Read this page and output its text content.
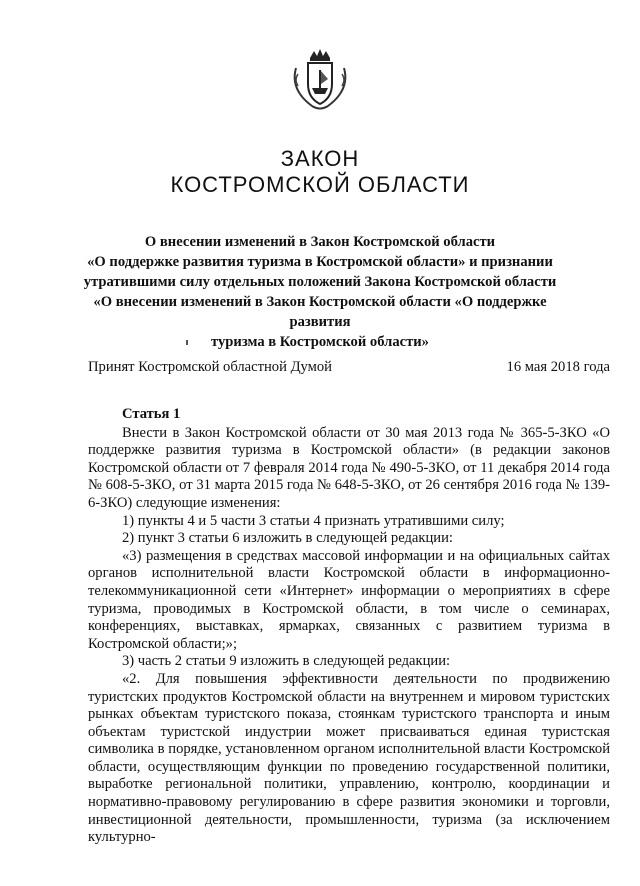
ЗАКОН
КОСТРОМСКОЙ ОБЛАСТИ
О внесении изменений в Закон Костромской области
«О поддержке развития туризма в Костромской области» и признании
утратившими силу отдельных положений Закона Костромской области
«О внесении изменений в Закон Костромской области «О поддержке развития
туризма в Костромской области»
Принят Костромской областной Думой	16 мая 2018 года

Статья 1

Внести в Закон Костромской области от 30 мая 2013 года № 365-5-ЗКО «О поддержке развития туризма в Костромской области» (в редакции законов Костромской области от 7 февраля 2014 года № 490-5-ЗКО, от 11 декабря 2014 года № 608-5-ЗКО, от 31 марта 2015 года № 648-5-ЗКО, от 26 сентября 2016 года № 139-6-ЗКО) следующие изменения:

1) пункты 4 и 5 части 3 статьи 4 признать утратившими силу;

2) пункт 3 статьи 6 изложить в следующей редакции:

«3) размещения в средствах массовой информации и на официальных сайтах органов исполнительной власти Костромской области в информационно-телекоммуникационной сети «Интернет» информации о мероприятиях в сфере туризма, проводимых в Костромской области, в том числе о семинарах, конференциях, выставках, ярмарках, связанных с развитием туризма в Костромской области;»;

3) часть 2 статьи 9 изложить в следующей редакции:

«2. Для повышения эффективности деятельности по продвижению туристских продуктов Костромской области на внутреннем и мировом туристских рынках объектам туристского показа, стоянкам туристского транспорта и иным объектам туристской индустрии может присваиваться единая туристская символика в порядке, установленном органом исполнительной власти Костромской области, осуществляющим функции по проведению государственной политики, выработке региональной политики, управлению, контролю, координации и нормативно-правовому регулированию в сфере развития экономики и торговли, инвестиционной деятельности, промышленности, туризма (за исключением культурно-
